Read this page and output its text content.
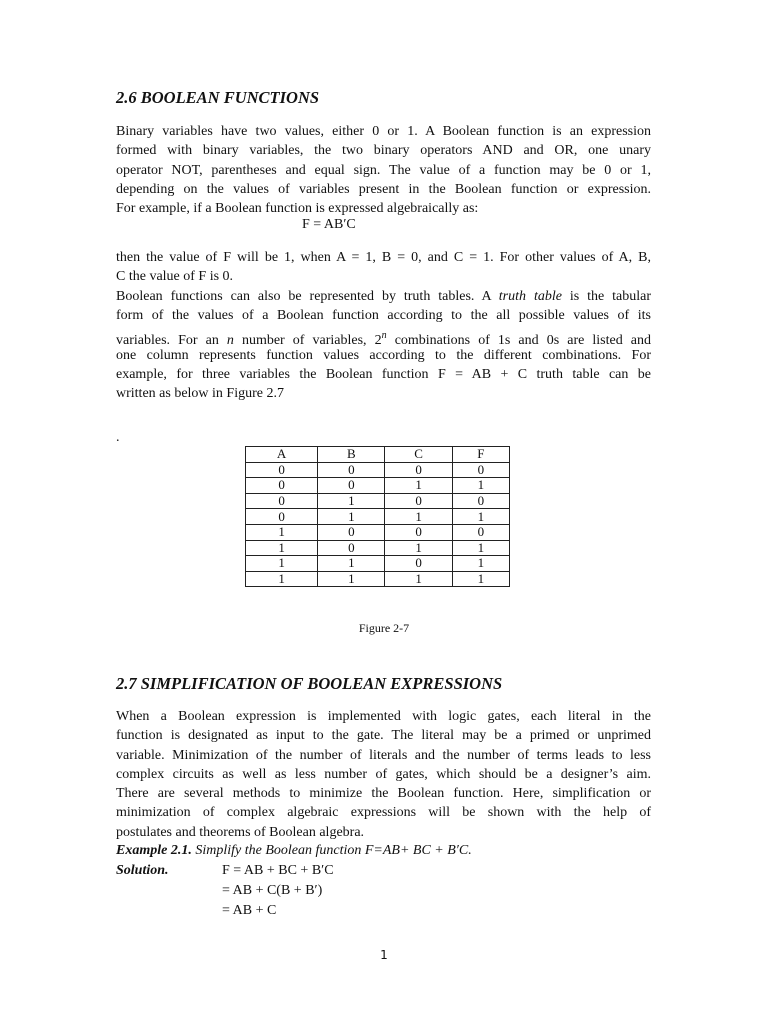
2.6 BOOLEAN FUNCTIONS

Binary variables have two values, either 0 or 1. A Boolean function is an expression
formed with binary variables, the two binary operators AND and OR, one unary
operator NOT, parentheses and equal sign. The value of a function may be 0 or 1,
depending on the values of variables present in the Boolean function or expression.
For example, if a Boolean function is expressed algebraically as:

F = AB′C

then the value of F will be 1, when A = 1, B = 0, and C = 1. For other values of A, B,
C the value of F is 0.

Boolean functions can also be represented by truth tables. A truth table is the tabular
form of the values of a Boolean function according to the all possible values of its
variables. For an n number of variables, 2$^n$ combinations of 1s and 0s are listed and
one column represents function values according to the different combinations. For
example, for three variables the Boolean function F = AB + C truth table can be
written as below in Figure 2.7

.
A	B	C	F
0	0	0	0
0	0	1	1
0	1	0	0
0	1	1	1
1	0	0	0
1	0	1	1
1	1	0	1
1	1	1	1
Figure 2-7
2.7 SIMPLIFICATION OF BOOLEAN EXPRESSIONS

When a Boolean expression is implemented with logic gates, each literal in the
function is designated as input to the gate. The literal may be a primed or unprimed
variable. Minimization of the number of literals and the number of terms leads to less
complex circuits as well as less number of gates, which should be a designer’s aim.
There are several methods to minimize the Boolean function. Here, simplification or
minimization of complex algebraic expressions will be shown with the help of
postulates and theorems of Boolean algebra.

Example 2.1. Simplify the Boolean function F=AB+ BC + B′C.
Solution.	F = AB + BC + B′C
= AB + C(B + B′)
= AB + C
1
